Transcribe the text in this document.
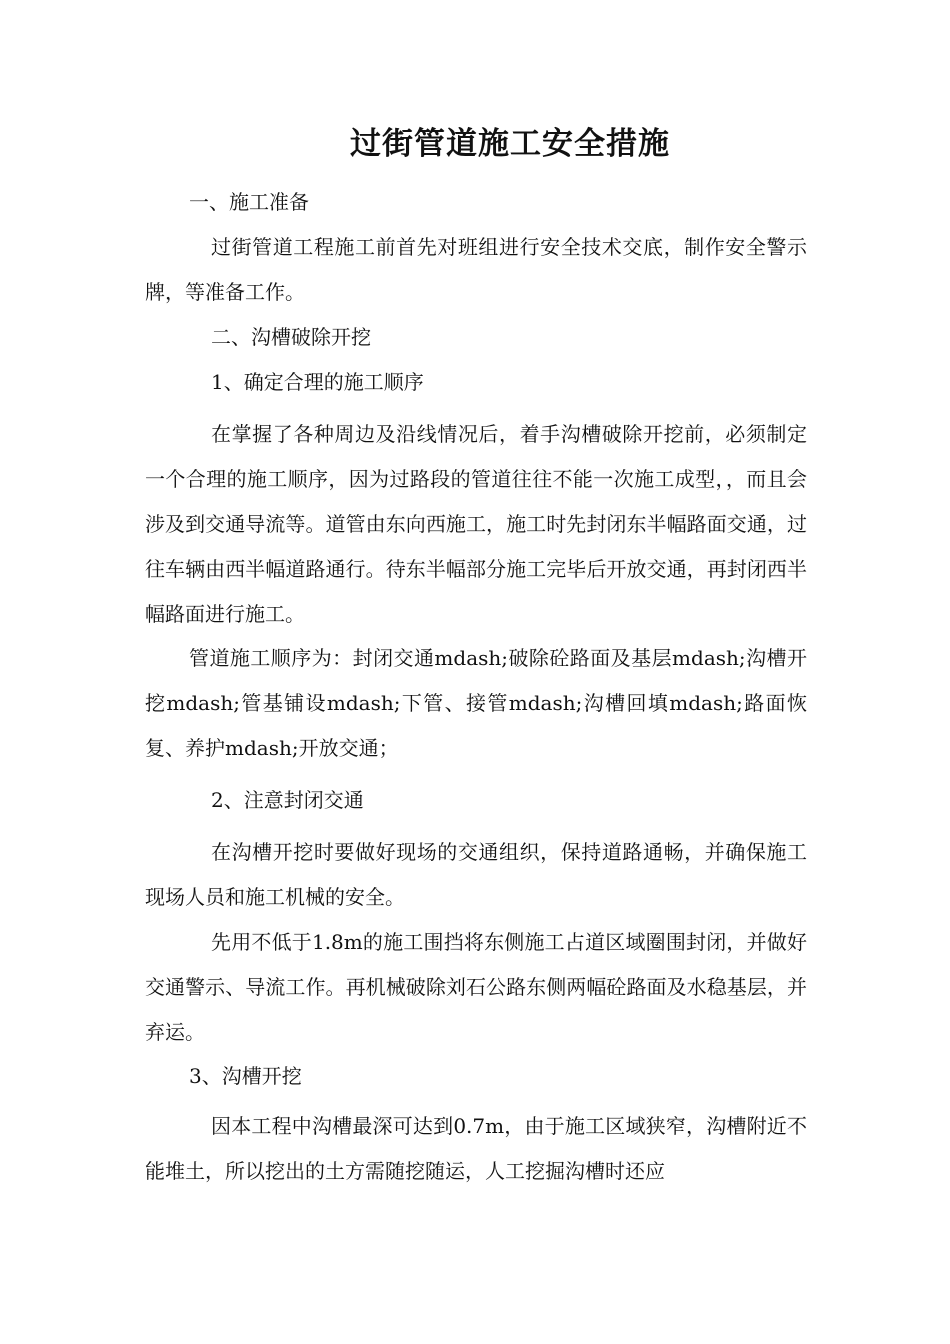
过街管道施工安全措施
一、施工准备
过街管道工程施工前首先对班组进行安全技术交底，制作安全警示牌，等准备工作。
二、沟槽破除开挖
1、确定合理的施工顺序
在掌握了各种周边及沿线情况后，着手沟槽破除开挖前，必须制定一个合理的施工顺序，因为过路段的管道往往不能一次施工成型，，而且会涉及到交通导流等。道管由东向西施工，施工时先封闭东半幅路面交通，过往车辆由西半幅道路通行。待东半幅部分施工完毕后开放交通，再封闭西半幅路面进行施工。
管道施工顺序为：封闭交通mdash;破除砼路面及基层mdash;沟槽开挖mdash;管基铺设mdash;下管、接管mdash;沟槽回填mdash;路面恢复、养护mdash;开放交通；
2、注意封闭交通
在沟槽开挖时要做好现场的交通组织，保持道路通畅，并确保施工现场人员和施工机械的安全。
先用不低于1.8m的施工围挡将东侧施工占道区域圈围封闭，并做好交通警示、导流工作。再机械破除刘石公路东侧两幅砼路面及水稳基层，并弃运。
3、沟槽开挖
因本工程中沟槽最深可达到0.7m，由于施工区域狭窄，沟槽附近不能堆土，所以挖出的土方需随挖随运，人工挖掘沟槽时还应
